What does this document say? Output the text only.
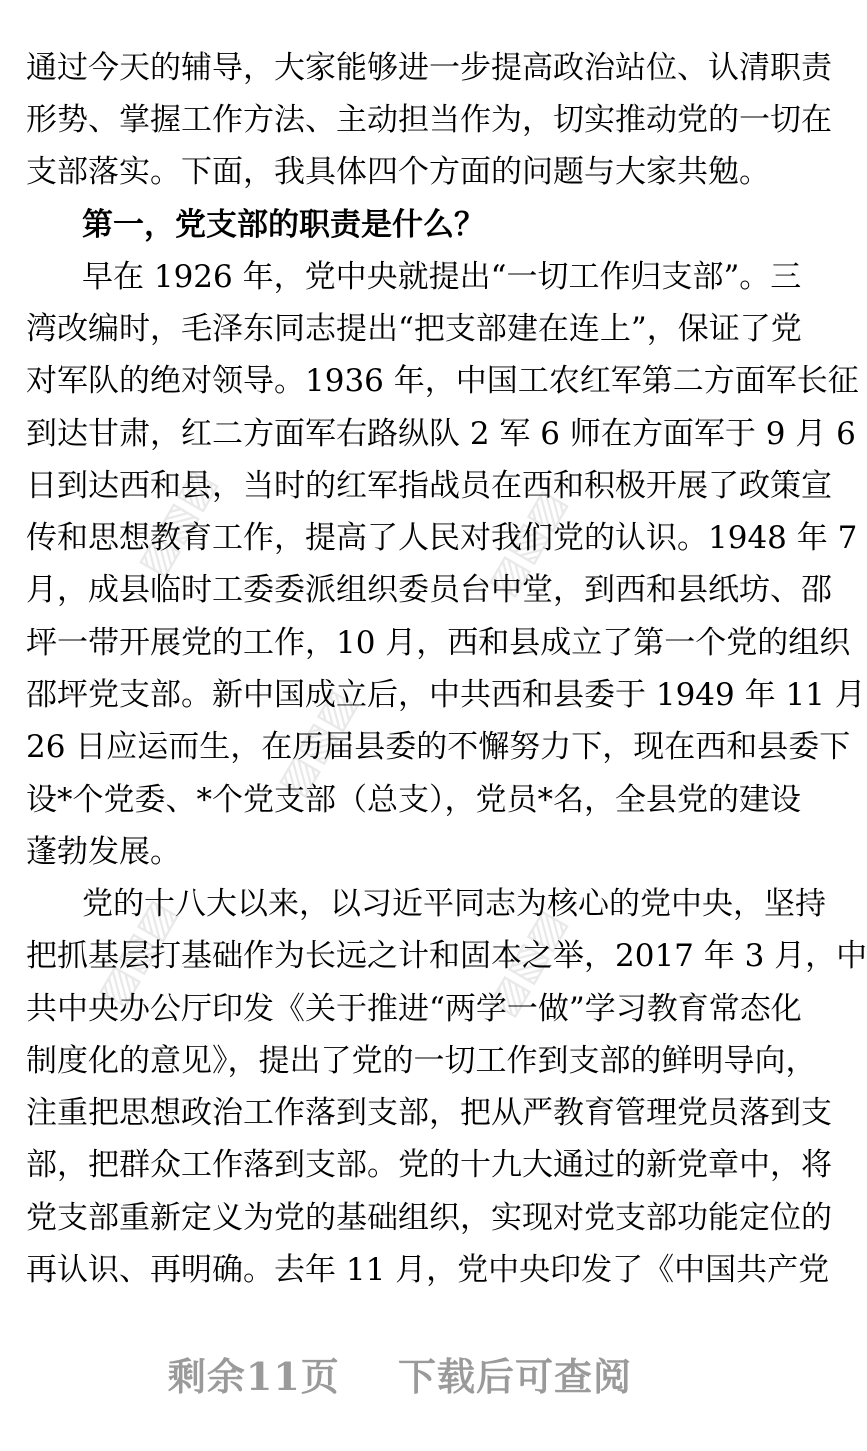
▨▧▨	▨▧▨
▨▧▨
▨▧▨	▨▧▨
通过今天的辅导，大家能够进一步提高政治站位、认清职责
形势、掌握工作方法、主动担当作为，切实推动党的一切在
支部落实。下面，我具体四个方面的问题与大家共勉。
第一，党支部的职责是什么？
早在 1926 年，党中央就提出“一切工作归支部”。三
湾改编时，毛泽东同志提出“把支部建在连上”，保证了党
对军队的绝对领导。1936 年，中国工农红军第二方面军长征
到达甘肃，红二方面军右路纵队 2 军 6 师在方面军于 9 月 6
日到达西和县，当时的红军指战员在西和积极开展了政策宣
传和思想教育工作，提高了人民对我们党的认识。1948 年 7
月，成县临时工委委派组织委员台中堂，到西和县纸坊、邵
坪一带开展党的工作，10 月，西和县成立了第一个党的组织
邵坪党支部。新中国成立后，中共西和县委于 1949 年 11 月
26 日应运而生，在历届县委的不懈努力下，现在西和县委下
设*个党委、*个党支部（总支），党员*名，全县党的建设
蓬勃发展。
党的十八大以来，以习近平同志为核心的党中央，坚持
把抓基层打基础作为长远之计和固本之举，2017 年 3 月，中
共中央办公厅印发《关于推进“两学一做”学习教育常态化
制度化的意见》，提出了党的一切工作到支部的鲜明导向，
注重把思想政治工作落到支部，把从严教育管理党员落到支
部，把群众工作落到支部。党的十九大通过的新党章中，将
党支部重新定义为党的基础组织，实现对党支部功能定位的
再认识、再明确。去年 11 月，党中央印发了《中国共产党
剩余11页 下载后可查阅
